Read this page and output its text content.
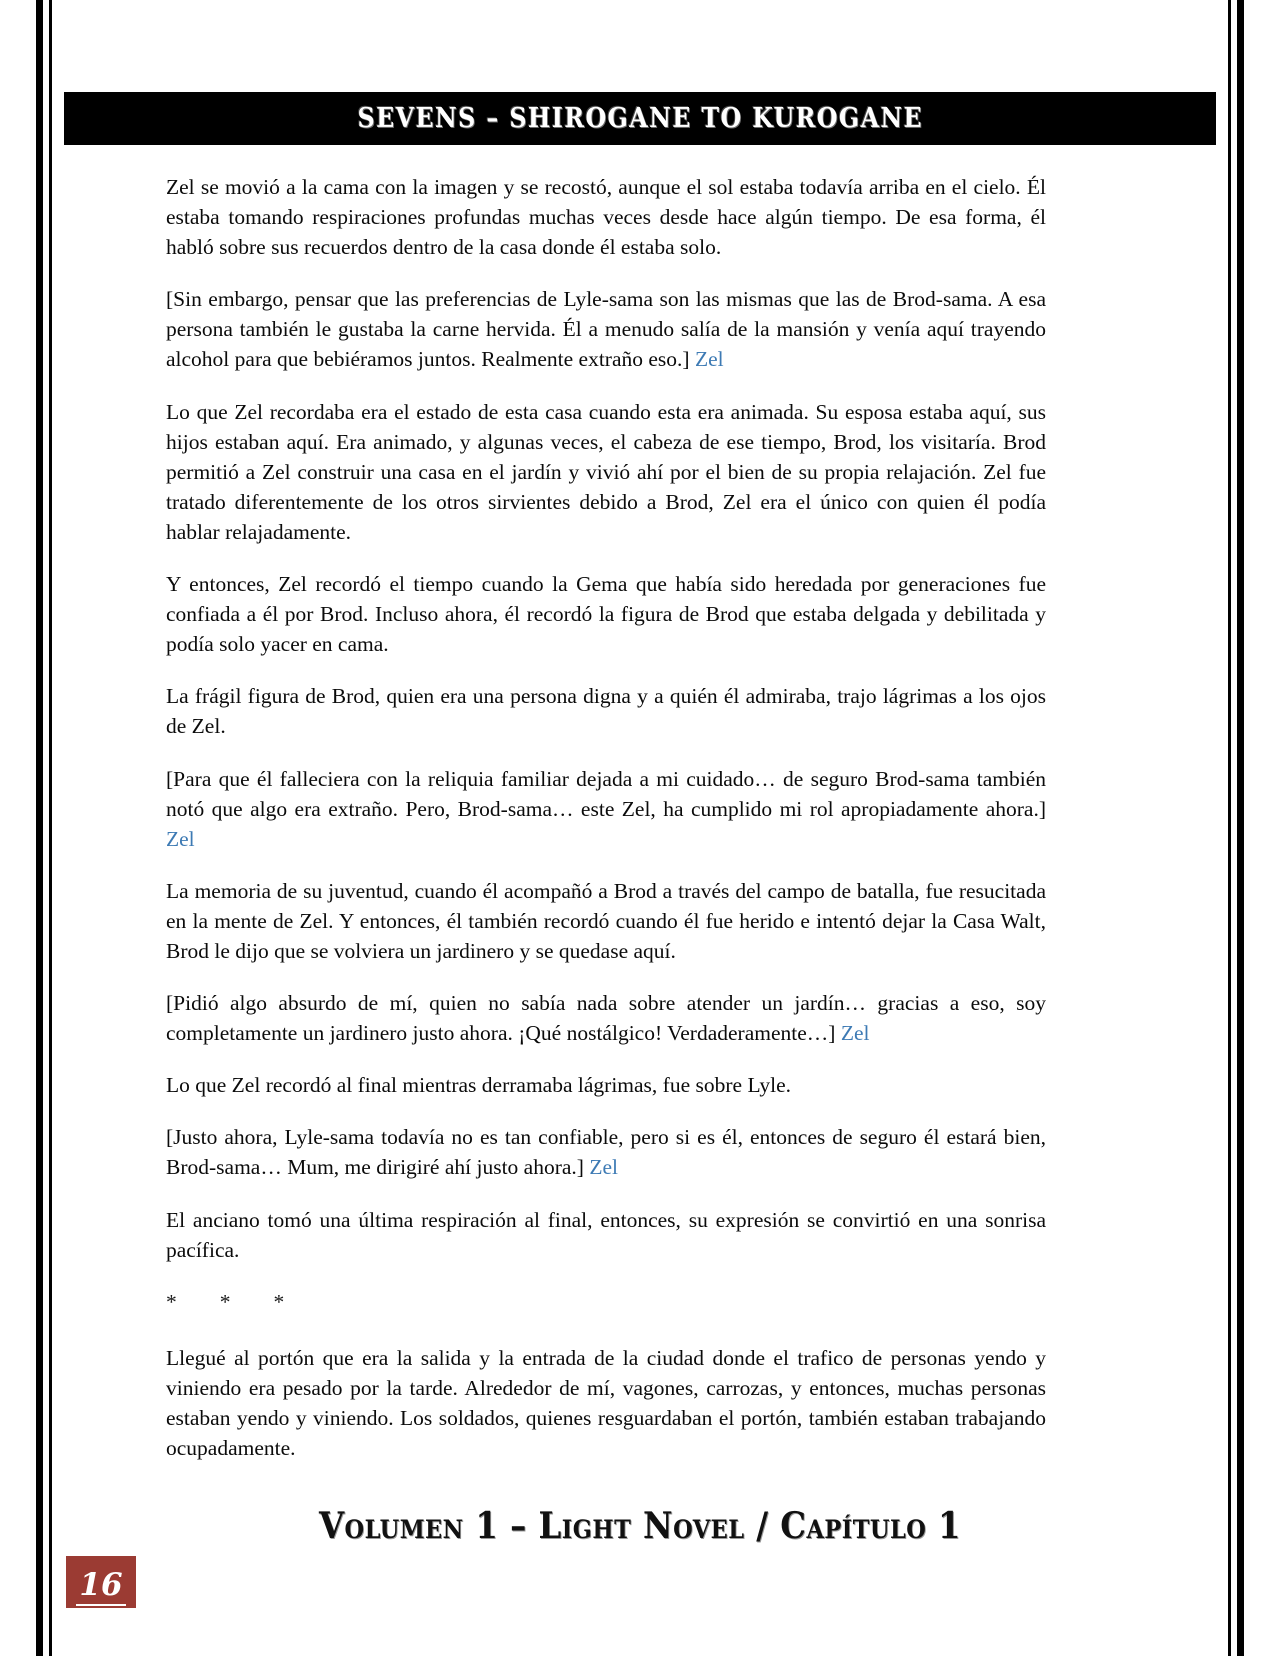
SEVENS – SHIROGANE TO KUROGANE

Zel se movió a la cama con la imagen y se recostó, aunque el sol estaba todavía arriba en el cielo. Él estaba tomando respiraciones profundas muchas veces desde hace algún tiempo. De esa forma, él habló sobre sus recuerdos dentro de la casa donde él estaba solo.

[Sin embargo, pensar que las preferencias de Lyle-sama son las mismas que las de Brod-sama. A esa persona también le gustaba la carne hervida. Él a menudo salía de la mansión y venía aquí trayendo alcohol para que bebiéramos juntos. Realmente extraño eso.] Zel

Lo que Zel recordaba era el estado de esta casa cuando esta era animada. Su esposa estaba aquí, sus hijos estaban aquí. Era animado, y algunas veces, el cabeza de ese tiempo, Brod, los visitaría. Brod permitió a Zel construir una casa en el jardín y vivió ahí por el bien de su propia relajación. Zel fue tratado diferentemente de los otros sirvientes debido a Brod, Zel era el único con quien él podía hablar relajadamente.

Y entonces, Zel recordó el tiempo cuando la Gema que había sido heredada por generaciones fue confiada a él por Brod. Incluso ahora, él recordó la figura de Brod que estaba delgada y debilitada y podía solo yacer en cama.

La frágil figura de Brod, quien era una persona digna y a quién él admiraba, trajo lágrimas a los ojos de Zel.

[Para que él falleciera con la reliquia familiar dejada a mi cuidado… de seguro Brod-sama también notó que algo era extraño. Pero, Brod-sama… este Zel, ha cumplido mi rol apropiadamente ahora.] Zel

La memoria de su juventud, cuando él acompañó a Brod a través del campo de batalla, fue resucitada en la mente de Zel. Y entonces, él también recordó cuando él fue herido e intentó dejar la Casa Walt, Brod le dijo que se volviera un jardinero y se quedase aquí.

[Pidió algo absurdo de mí, quien no sabía nada sobre atender un jardín… gracias a eso, soy completamente un jardinero justo ahora. ¡Qué nostálgico! Verdaderamente…] Zel

Lo que Zel recordó al final mientras derramaba lágrimas, fue sobre Lyle.

[Justo ahora, Lyle-sama todavía no es tan confiable, pero si es él, entonces de seguro él estará bien, Brod-sama… Mum, me dirigiré ahí justo ahora.] Zel

El anciano tomó una última respiración al final, entonces, su expresión se convirtió en una sonrisa pacífica.

*        *        *

Llegué al portón que era la salida y la entrada de la ciudad donde el trafico de personas yendo y viniendo era pesado por la tarde. Alrededor de mí, vagones, carrozas, y entonces, muchas personas estaban yendo y viniendo. Los soldados, quienes resguardaban el portón, también estaban trabajando ocupadamente.

Volumen 1 – Light Novel / Capítulo 1
16
